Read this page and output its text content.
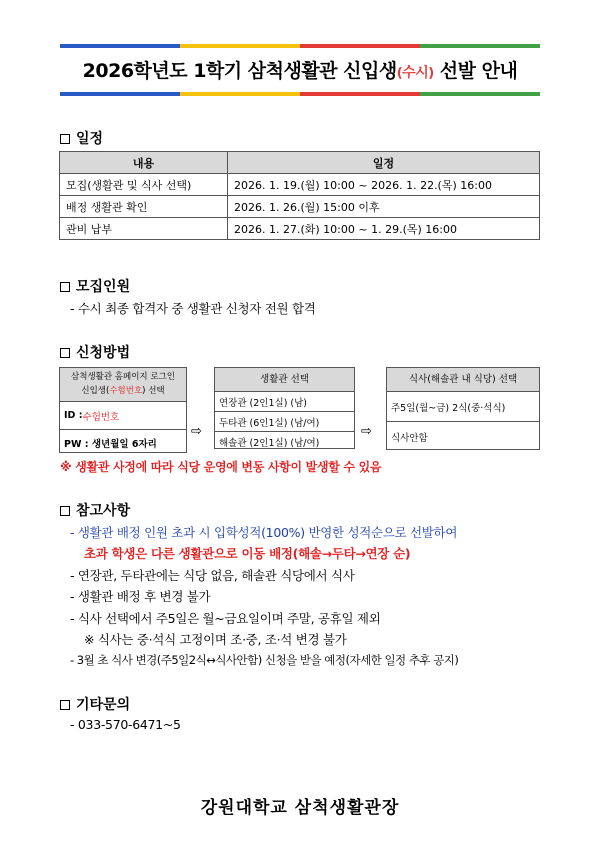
2026학년도 1학기 삼척생활관 신입생(수시) 선발 안내
일정
내용	일정
모집(생활관 및 식사 선택)	2026. 1. 19.(월) 10:00 ~ 2026. 1. 22.(목) 16:00
배정 생활관 확인	2026. 1. 26.(월) 15:00 이후
관비 납부	2026. 1. 27.(화) 10:00 ~ 1. 29.(목) 16:00
모집인원
- 수시 최종 합격자 중 생활관 신청자 전원 합격
신청방법
삼척생활관 홈페이지 로그인
신입생(수험번호) 선택
ID : 수험번호
PW : 생년월일 6자리
⇨
생활관 선택
연장관 (2인1실) (남)
두타관 (6인1실) (남/여)
해솔관 (2인1실) (남/여)
⇨
식사(해솔관 내 식당) 선택
주5일(월~금) 2식(중·석식)
식사안함
※ 생활관 사정에 따라 식당 운영에 변동 사항이 발생할 수 있음
참고사항
- 생활관 배정 인원 초과 시 입학성적(100%) 반영한 성적순으로 선발하여
초과 학생은 다른 생활관으로 이동 배정(해솔→두타→연장 순)
- 연장관, 두타관에는 식당 없음, 해솔관 식당에서 식사
- 생활관 배정 후 변경 불가
- 식사 선택에서 주5일은 월~금요일이며 주말, 공휴일 제외
※ 식사는 중·석식 고정이며 조·중, 조·석 변경 불가
- 3월 초 식사 변경(주5일2식↔식사안함) 신청을 받을 예정(자세한 일정 추후 공지)
기타문의
- 033-570-6471~5
강원대학교 삼척생활관장
